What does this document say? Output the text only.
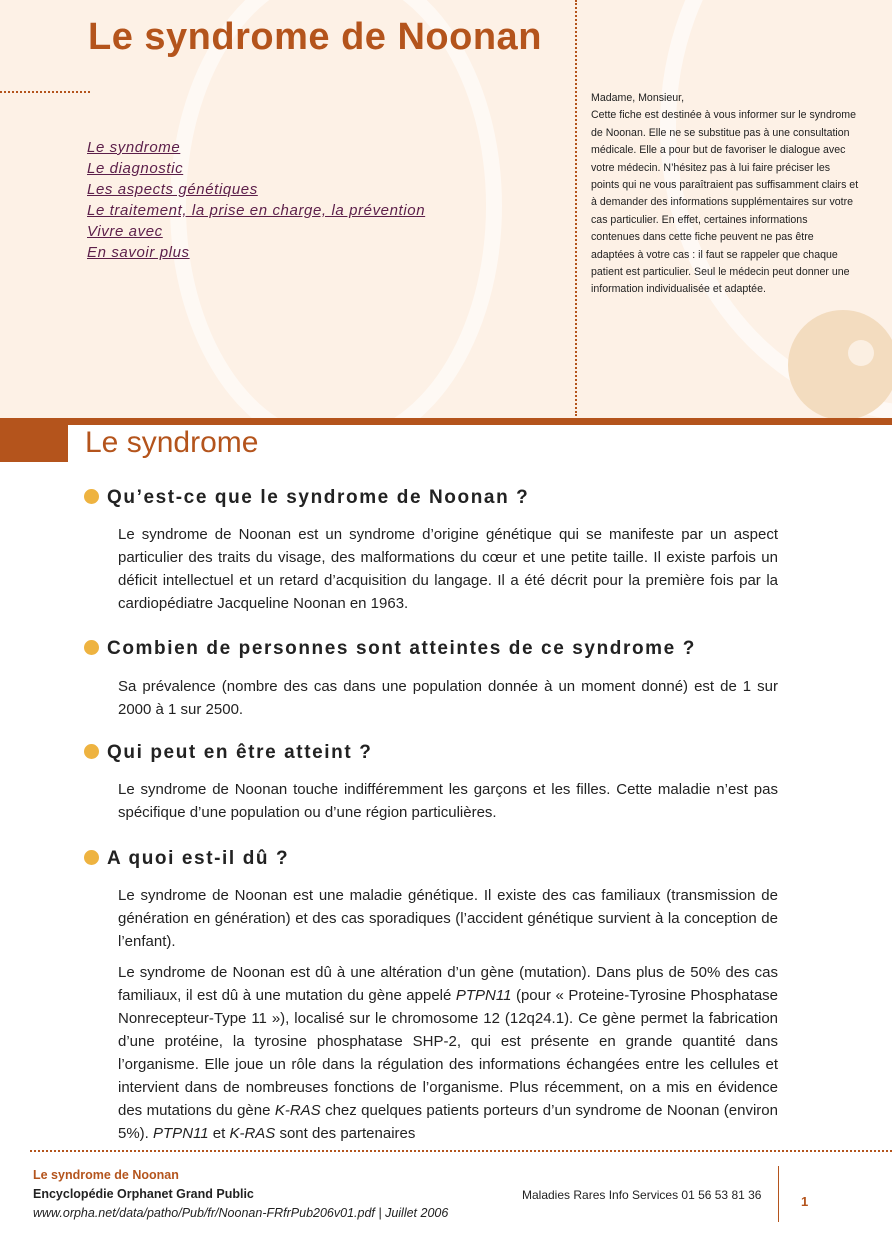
Le syndrome de Noonan
Le syndrome
Le diagnostic
Les aspects génétiques
Le traitement, la prise en charge, la prévention
Vivre avec
En savoir plus

Madame, Monsieur,

Cette fiche est destinée à vous informer sur le syndrome de Noonan. Elle ne se substitue pas à une consultation médicale. Elle a pour but de favoriser le dialogue avec votre médecin. N’hésitez pas à lui faire préciser les points qui ne vous paraîtraient pas suffisamment clairs et à demander des informations supplémentaires sur votre cas particulier. En effet, certaines informations contenues dans cette fiche peuvent ne pas être adaptées à votre cas : il faut se rappeler que chaque patient est particulier. Seul le médecin peut donner une information individualisée et adaptée.

Le syndrome
Qu’est-ce que le syndrome de Noonan ?

Le syndrome de Noonan est un syndrome d’origine génétique qui se manifeste par un aspect particulier des traits du visage, des malformations du cœur et une petite taille. Il existe parfois un déficit intellectuel et un retard d’acquisition du langage. Il a été décrit pour la première fois par la cardiopédiatre Jacqueline Noonan en 1963.

Combien de personnes sont atteintes de ce syndrome ?

Sa prévalence (nombre des cas dans une population donnée à un moment donné) est de 1 sur 2000 à 1 sur 2500.

Qui peut en être atteint ?

Le syndrome de Noonan touche indifféremment les garçons et les filles. Cette maladie n’est pas spécifique d’une population ou d’une région particulières.

A quoi est-il dû ?

Le syndrome de Noonan est une maladie génétique. Il existe des cas familiaux (transmission de génération en génération) et des cas sporadiques (l’accident génétique survient à la conception de l’enfant).

Le syndrome de Noonan est dû à une altération d’un gène (mutation). Dans plus de 50% des cas familiaux, il est dû à une mutation du gène appelé PTPN11 (pour « Proteine-Tyrosine Phosphatase Nonrecepteur-Type 11 »), localisé sur le chromosome 12 (12q24.1). Ce gène permet la fabrication d’une protéine, la tyrosine phosphatase SHP-2, qui est présente en grande quantité dans l’organisme. Elle joue un rôle dans la régulation des informations échangées entre les cellules et intervient dans de nombreuses fonctions de l’organisme. Plus récemment, on a mis en évidence des mutations du gène K-RAS chez quelques patients porteurs d’un syndrome de Noonan (environ 5%). PTPN11 et K-RAS sont des partenaires

Le syndrome de Noonan

Encyclopédie Orphanet Grand Public

www.orpha.net/data/patho/Pub/fr/Noonan-FRfrPub206v01.pdf | Juillet 2006

Maladies Rares Info Services 01 56 53 81 36	1
